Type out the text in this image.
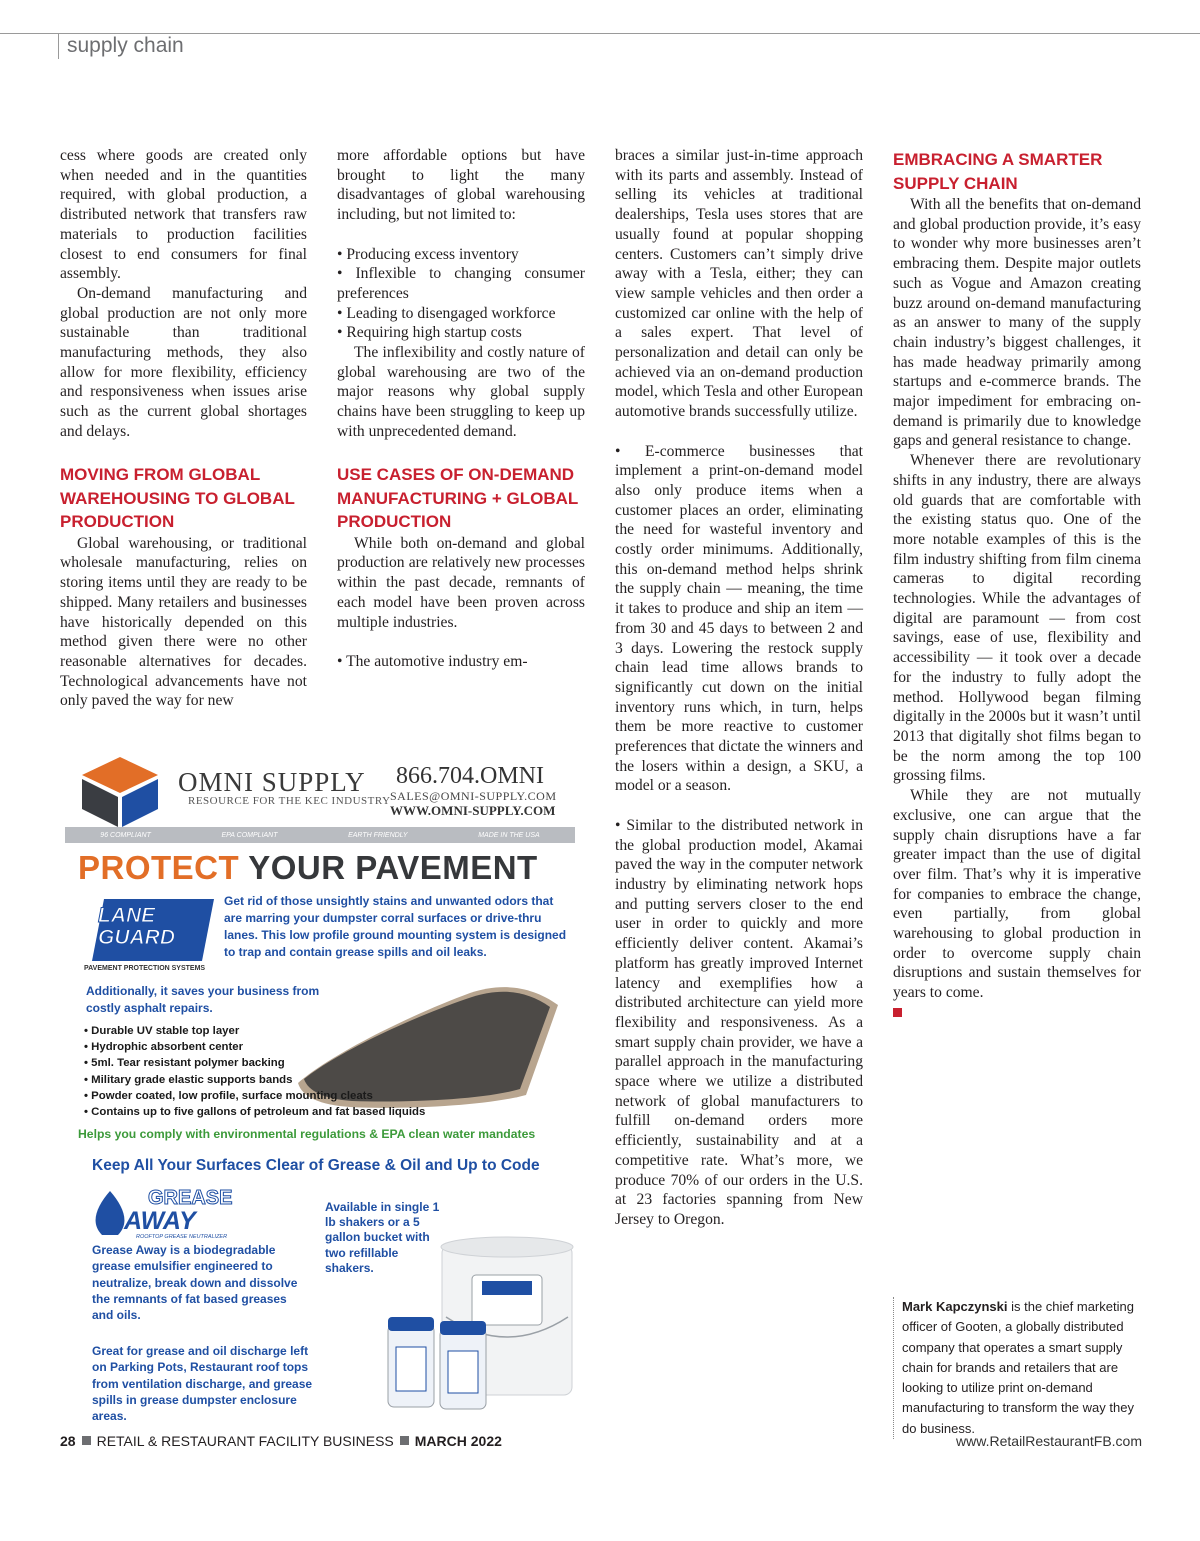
supply chain

cess where goods are created only when needed and in the quantities required, with global production, a distributed network that transfers raw materials to production facilities closest to end consumers for final assembly.

On-demand manufacturing and global production are not only more sustainable than traditional manufacturing methods, they also allow for more flexibility, efficiency and responsiveness when issues arise such as the current global shortages and delays.

MOVING FROM GLOBAL WAREHOUSING TO GLOBAL PRODUCTION

Global warehousing, or traditional wholesale manufacturing, relies on storing items until they are ready to be shipped. Many retailers and businesses have historically depended on this method given there were no other reasonable alternatives for decades. Technological advancements have not only paved the way for new

more affordable options but have brought to light the many disadvantages of global warehousing including, but not limited to:

• Producing excess inventory

• Inflexible to changing consumer preferences

• Leading to disengaged workforce

• Requiring high startup costs

The inflexibility and costly nature of global warehousing are two of the major reasons why global supply chains have been struggling to keep up with unprecedented demand.

USE CASES OF ON-DEMAND MANUFACTURING + GLOBAL PRODUCTION

While both on-demand and global production are relatively new processes within the past decade, remnants of each model have been proven across multiple industries.

• The automotive industry em-

braces a similar just-in-time approach with its parts and assembly. Instead of selling its vehicles at traditional dealerships, Tesla uses stores that are usually found at popular shopping centers. Customers can’t simply drive away with a Tesla, either; they can view sample vehicles and then order a customized car online with the help of a sales expert. That level of personalization and detail can only be achieved via an on-demand production model, which Tesla and other European automotive brands successfully utilize.

• E-commerce businesses that implement a print-on-demand model also only produce items when a customer places an order, eliminating the need for wasteful inventory and costly order minimums. Additionally, this on-demand method helps shrink the supply chain — meaning, the time it takes to produce and ship an item — from 30 and 45 days to between 2 and 3 days. Lowering the restock supply chain lead time allows brands to significantly cut down on the initial inventory runs which, in turn, helps them be more reactive to customer preferences that dictate the winners and the losers within a design, a SKU, a model or a season.

• Similar to the distributed network in the global production model, Akamai paved the way in the computer network industry by eliminating network hops and putting servers closer to the end user in order to quickly and more efficiently deliver content. Akamai’s platform has greatly improved Internet latency and exemplifies how a distributed architecture can yield more flexibility and responsiveness. As a smart supply chain provider, we have a parallel approach in the manufacturing space where we utilize a distributed network of global manufacturers to fulfill on-demand orders more efficiently, sustainability and at a competitive rate. What’s more, we produce 70% of our orders in the U.S. at 23 factories spanning from New Jersey to Oregon.

EMBRACING A SMARTER SUPPLY CHAIN

With all the benefits that on-demand and global production provide, it’s easy to wonder why more businesses aren’t embracing them. Despite major outlets such as Vogue and Amazon creating buzz around on-demand manufacturing as an answer to many of the supply chain industry’s biggest challenges, it has made headway primarily among startups and e-commerce brands. The major impediment for embracing on-demand is primarily due to knowledge gaps and general resistance to change.

Whenever there are revolutionary shifts in any industry, there are always old guards that are comfortable with the existing status quo. One of the more notable examples of this is the film industry shifting from film cinema cameras to digital recording technologies. While the advantages of digital are paramount — from cost savings, ease of use, flexibility and accessibility — it took over a decade for the industry to fully adopt the method. Hollywood began filming digitally in the 2000s but it wasn’t until 2013 that digitally shot films began to be the norm among the top 100 grossing films.

While they are not mutually exclusive, one can argue that the supply chain disruptions have a far greater impact than the use of digital over film. That’s why it is imperative for companies to embrace the change, even partially, from global warehousing to global production in order to overcome supply chain disruptions and sustain themselves for years to come.

Mark Kapczynski is the chief marketing officer of Gooten, a globally distributed company that operates a smart supply chain for brands and retailers that are looking to utilize print on-demand manufacturing to transform the way they do business.
OMNI SUPPLY
RESOURCE FOR THE KEC INDUSTRY
866.704.OMNI
SALES@OMNI-SUPPLY.COM
WWW.OMNI-SUPPLY.COM
96 COMPLIANT	EPA COMPLIANT	EARTH FRIENDLY	MADE IN THE USA
PROTECT YOUR PAVEMENT
LANE
GUARD
PAVEMENT PROTECTION SYSTEMS
Get rid of those unsightly stains and unwanted odors that are marring your dumpster corral surfaces or drive-thru lanes. This low profile ground mounting system is designed to trap and contain grease spills and oil leaks.
Additionally, it saves your business from costly asphalt repairs.
• Durable UV stable top layer
• Hydrophic absorbent center
• 5ml. Tear resistant polymer backing
• Military grade elastic supports bands
• Powder coated, low profile, surface mounting cleats
• Contains up to five gallons of petroleum and fat based liquids
Helps you comply with environmental regulations & EPA clean water mandates
Keep All Your Surfaces Clear of Grease & Oil and Up to Code
GREASE
AWAY
ROOFTOP GREASE NEUTRALIZER
Grease Away is a biodegradable grease emulsifier engineered to neutralize, break down and dissolve the remnants of fat based greases and oils.
Great for grease and oil discharge left on Parking Pots, Restaurant roof tops from ventilation discharge, and grease spills in grease dumpster enclosure areas.
Available in single 1 lb shakers or a 5 gallon bucket with two refillable shakers.
28 RETAIL & RESTAURANT FACILITY BUSINESS MARCH 2022	www.RetailRestaurantFB.com
